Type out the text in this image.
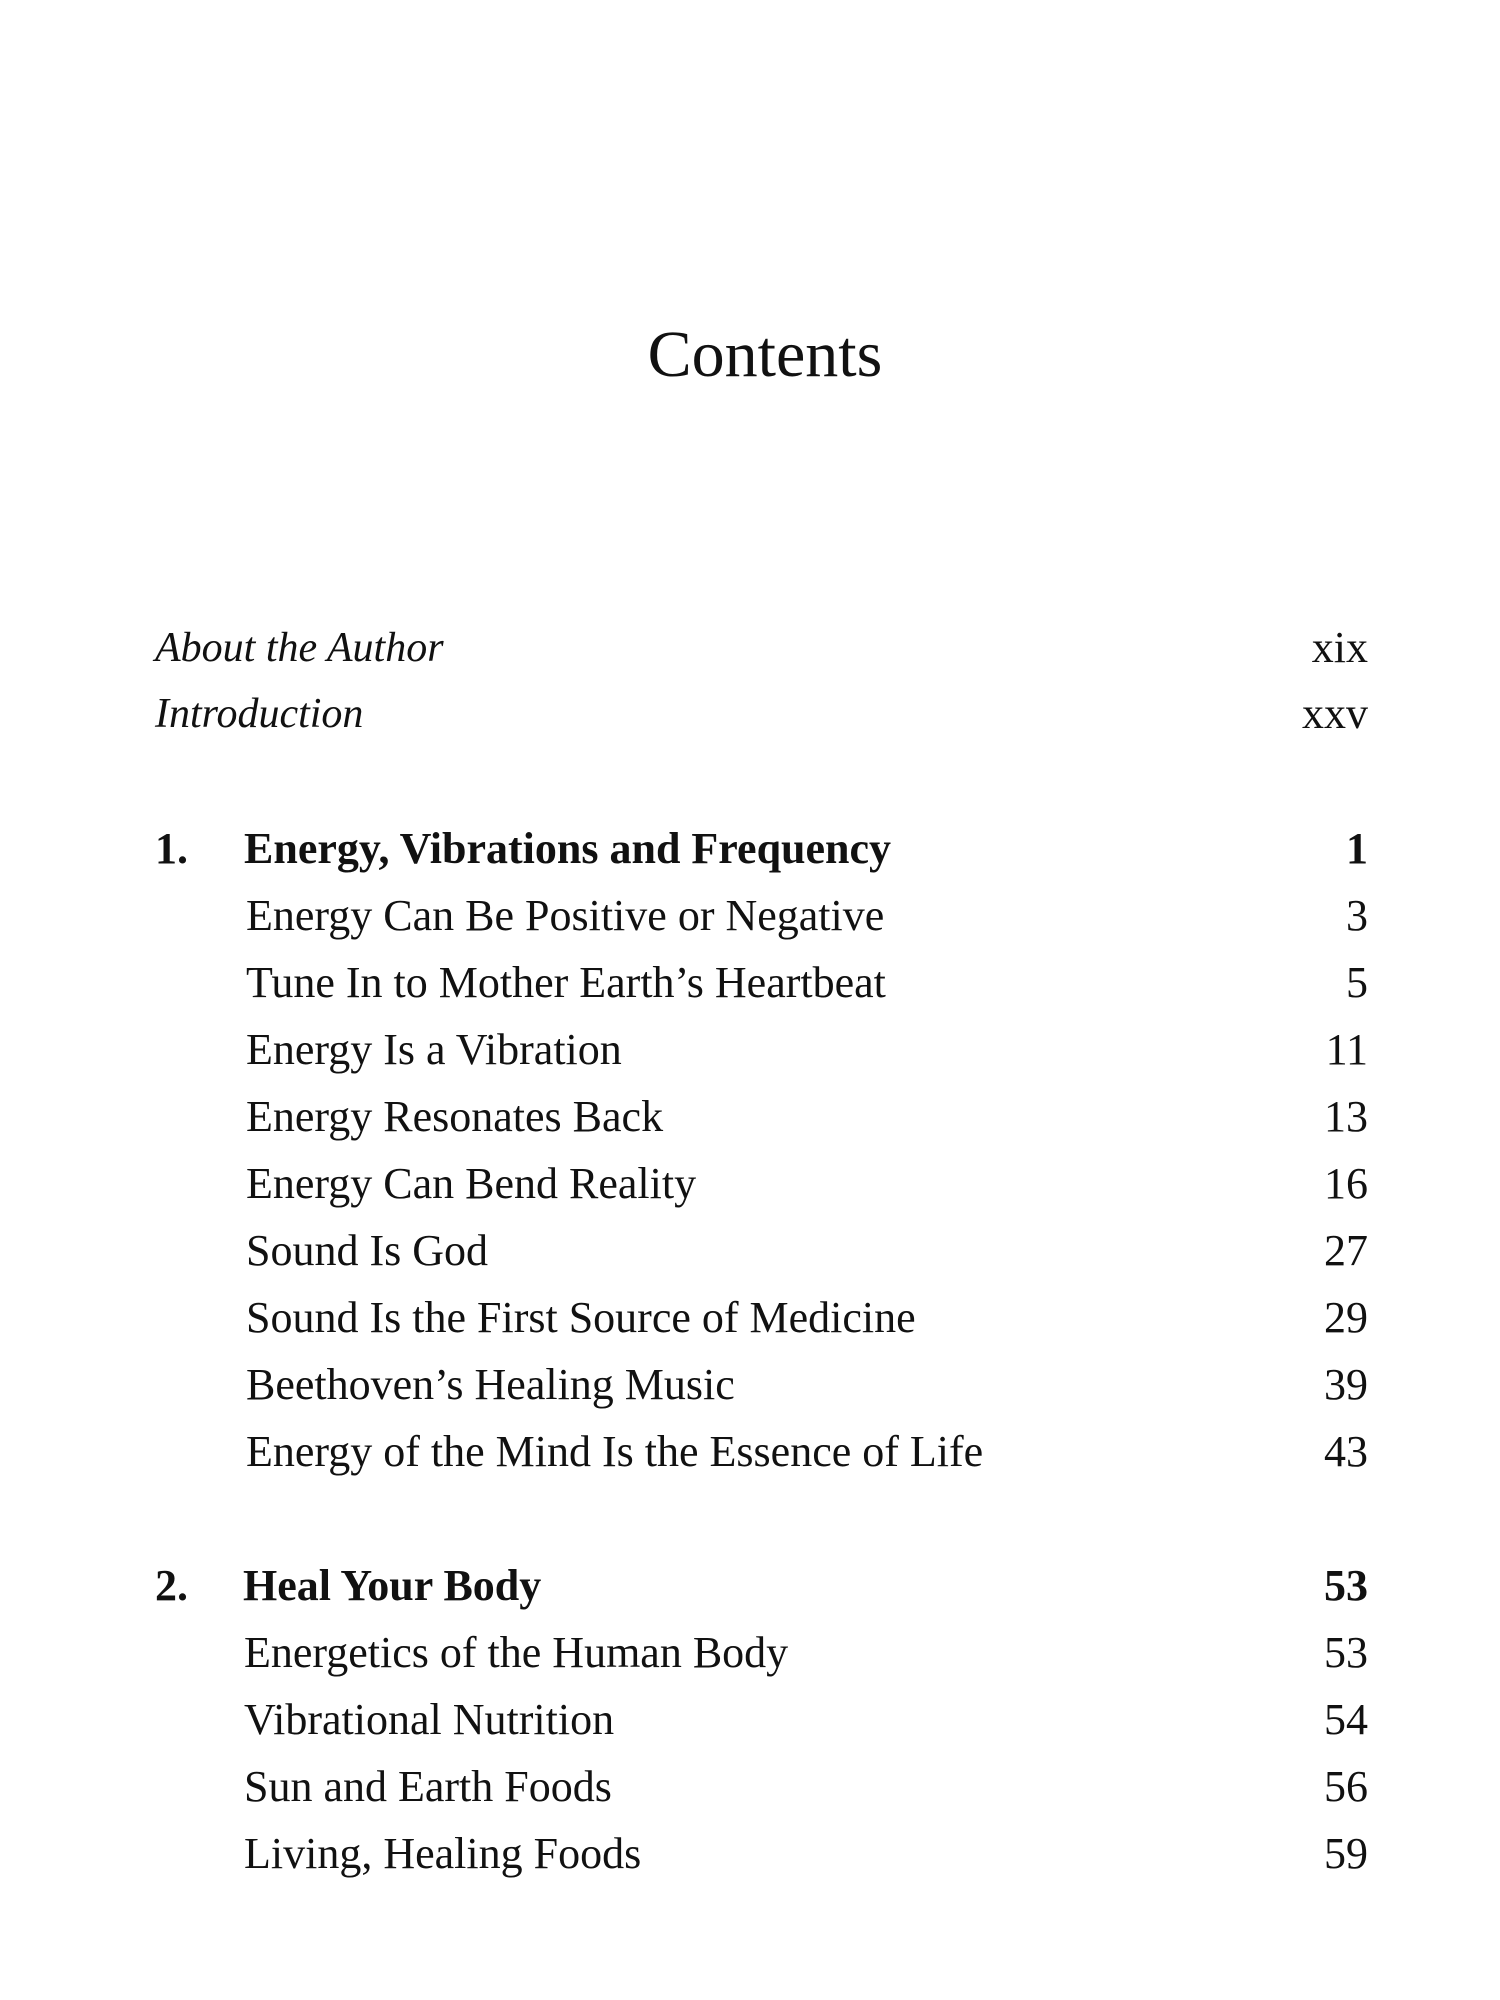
Contents
About the Author	xix
Introduction	xxv
1. Energy, Vibrations and Frequency	1
Energy Can Be Positive or Negative	3
Tune In to Mother Earth’s Heartbeat	5
Energy Is a Vibration	11
Energy Resonates Back	13
Energy Can Bend Reality	16
Sound Is God	27
Sound Is the First Source of Medicine	29
Beethoven’s Healing Music	39
Energy of the Mind Is the Essence of Life	43
2. Heal Your Body	53
Energetics of the Human Body	53
Vibrational Nutrition	54
Sun and Earth Foods	56
Living, Healing Foods	59
